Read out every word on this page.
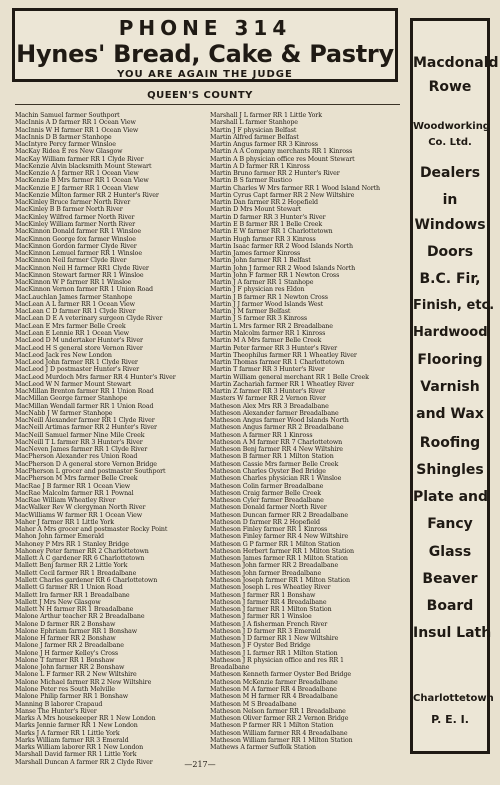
PHONE 314
Hynes' Bread, Cake & Pastry
YOU ARE AGAIN THE JUDGE
QUEEN'S COUNTY
Machin Samuel farmer Southport
MacInnis A D farmer RR 1 Ocean View
MacInnis W H farmer RR 1 Ocean View
MacInnis D B farmer Stanhope
MacIntyre Percy farmer Winsloe
MacKay Ridea E res New Glasgow
MacKay William farmer RR 1 Clyde River
MacKenzie Alvin blacksmith Mount Stewart
MacKenzie A J farmer RR 1 Ocean View
MacKenzie B Mrs farmer RR 1 Ocean View
MacKenzie E J farmer RR 1 Ocean View
MacKenzie Milton farmer RR 2 Hunter's River
MacKinley Bruce farmer North River
MacKinley B B farmer North River
MacKinley Wilfred farmer North River
MacKinley William farmer North River
MacKinnon Donald farmer RR 1 Winsloe
MacKinnon George fox farmer Winsloe
MacKinnon Gordon farmer Clyde River
MacKinnon Lemuel farmer RR 1 Winsloe
MacKinnon Neil farmer Clyde River
MacKinnon Neil H farmer RR1 Clyde River
MacKinnon Stewart farmer RR 1 Winsloe
MacKinnon W P farmer RR 1 Winsloe
MacKinnon Vernon farmer RR 1 Union Road
MacLauchlan James farmer Stanhope
MacLean A L farmer RR 1 Ocean View
MacLean C D farmer RR 1 Clyde River
MacLean D E A veterinary surgeon Clyde River
MacLean E Mrs farmer Belle Creek
MacLean E Lennie RR 1 Ocean View
MacLeod D M undertaker Hunter's River
MacLeod H S general store Vernon River
MacLeod Jack res New London
MacLeod John farmer RR 1 Clyde River
MacLeod J D postmaster Hunter's River
MacLeod Murdoch Mrs farmer RR 4 Hunter's River
MacLeod W N farmer Mount Stewart
MacMillan Brenton farmer RR 1 Union Road
MacMillan George farmer Stanhope
MacMillan Wendall farmer RR 1 Union Road
MacNabb J W farmer Stanhope
MacNeill Alexander farmer RR 1 Clyde River
MacNeill Artimas farmer RR 2 Hunter's River
MacNeill Samuel farmer Nine Mile Creek
MacNeill T L farmer RR 3 Hunter's River
MacNeven James farmer RR 1 Clyde River
MacPherson Alexander res Union Road
MacPherson D A general store Vernon Bridge
MacPherson L grocer and postmaster Southport
MacPherson M Mrs farmer Belle Creek
MacRae J B farmer RR 1 Ocean View
MacRae Malcolm farmer RR 1 Pownal
MacRae William Wheatley River
MacWalker Rev W clergyman North River
MacWilliams W farmer RR 1 Ocean View
Maher J farmer RR 1 Little York
Maher A Mrs grocer and postmaster Rocky Point
Mahon John farmer Emerald
Mahoney P Mrs RR 1 Stanley Bridge
Mahoney Peter farmer RR 2 Charlottetown
Mallett A C gardener RR 6 Charlottetown
Mallett Benj farmer RR 2 Little York
Mallett Cecil farmer RR 1 Breadalbane
Mallett Charles gardener RR 6 Charlottetown
Mallett G farmer RR 1 Union Road
Mallett Ira farmer RR 1 Breadalbane
Mallett J Mrs New Glasgow
Mallett N H farmer RR 1 Breadalbane
Malone Arthur teacher RR 2 Breadalbane
Malone D farmer RR 2 Bonshaw
Malone Ephriam farmer RR 1 Bonshaw
Malone H farmer RR 2 Bonshaw
Malone J farmer RR 2 Breadalbane
Malone J H farmer Kelley's Cross
Malone T farmer RR 1 Bonshaw
Malone John farmer RR 2 Bonshaw
Malone L F farmer RR 2 New Wiltshire
Malone Michael farmer RR 2 New Wiltshire
Malone Peter res South Melville
Malone Philip farmer RR 1 Bonshaw
Manning B laborer Crapaud
Manse The Hunter's River
Marks A Mrs housekeeper RR 1 New London
Marks Jennie farmer RR 1 New London
Marks J A farmer RR 1 Little York
Marks William farmer RR 3 Emerald
Marks William laborer RR 1 New London
Marshall David farmer RR 1 Little York
Marshall Duncan A farmer RR 2 Clyde River
Marshall J L farmer RR 1 Little York
Marshall L farmer Stanhope
Martin J F physician Belfast
Martin Alfred farmer Belfast
Martin Angus farmer RR 3 Kinross
Martin A A Company merchants RR 1 Kinross
Martin A B physician office res Mount Stewart
Martin A D farmer RR 1 Kinross
Martin Bruno farmer RR 2 Hunter's River
Martin B S farmer Rustico
Martin Charles W Mrs farmer RR 1 Wood Island North
Martin Cyrus Capt farmer RR 2 New Wiltshire
Martin Dan farmer RR 2 Hopefield
Martin D Mrs Mount Stewart
Martin D farmer RR 3 Hunter's River
Martin E B farmer RR 1 Belle Creek
Martin E W farmer RR 1 Charlottetown
Martin Hugh farmer RR 3 Kinross
Martin Isaac farmer RR 2 Wood Islands North
Martin James farmer Kinross
Martin John farmer RR 1 Belfast
Martin John J farmer RR 2 Wood Islands North
Martin John F farmer RR 1 Newton Cross
Martin J A farmer RR 1 Stanhope
Martin J F physician res Eldon
Martin J B farmer RR 1 Newton Cross
Martin J J farmer Wood Islands West
Martin J M farmer Belfast
Martin J S farmer RR 3 Kinross
Martin L Mrs farmer RR 2 Breadalbane
Martin Malcolm farmer RR 1 Kinross
Martin M A Mrs farmer Belle Creek
Martin Peter farmer RR 3 Hunter's River
Martin Theophilus farmer RR 1 Wheatley River
Martin Thomas farmer RR 1 Charlottetown
Martin T farmer RR 3 Hunter's River
Martin William general merchant RR 1 Belle Creek
Martin Zachariah farmer RR 1 Wheatley River
Martin Z farmer RR 3 Hunter's River
Masters W farmer RR 2 Vernon River
Matheson Alex Mrs RR 3 Breadalbane
Matheson Alexander farmer Breadalbane
Matheson Angus farmer Wood Islands North
Matheson Angus farmer RR 2 Breadalbane
Matheson A farmer RR 1 Kinross
Matheson A M farmer RR 7 Charlottetown
Matheson Benj farmer RR 4 New Wiltshire
Matheson B farmer RR 1 Milton Station
Matheson Cassie Mrs farmer Belle Creek
Matheson Charles Oyster Bed Bridge
Matheson Charles physician RR 1 Winsloe
Matheson Colin farmer Breadalbane
Matheson Craig farmer Belle Creek
Matheson Cyler farmer Breadalbane
Matheson Donald farmer North River
Matheson Duncan farmer RR 2 Breadalbane
Matheson D farmer RR 2 Hopefield
Matheson Finley farmer RR 1 Kinross
Matheson Finley farmer RR 4 New Wiltshire
Matheson G P farmer RR 1 Milton Station
Matheson Herbert farmer RR 1 Milton Station
Matheson James farmer RR 1 Milton Station
Matheson John farmer RR 2 Breadalbane
Matheson John farmer Breadalbane
Matheson Joseph farmer RR 1 Milton Station
Matheson Joseph L res Wheatley River
Matheson J farmer RR 1 Bonshaw
Matheson J farmer RR 4 Breadalbane
Matheson J farmer RR 1 Milton Station
Matheson J farmer RR 1 Winsloe
Matheson J A fisherman French River
Matheson J D farmer RR 3 Emerald
Matheson J D farmer RR 1 New Wiltshire
Matheson J F Oyster Bed Bridge
Matheson J L farmer RR 1 Milton Station
Matheson J R physician office and res RR 1
Breadalbane
Matheson Kenneth farmer Oyster Bed Bridge
Matheson McKenzie farmer Breadalbane
Matheson M A farmer RR 4 Breadalbane
Matheson M H farmer RR 4 Breadalbane
Matheson M S Breadalbane
Matheson Nelson farmer RR 1 Breadalbane
Matheson Oliver farmer RR 2 Vernon Bridge
Matheson P farmer RR 1 Milton Station
Matheson William farmer RR 4 Breadalbane
Matheson William farmer RR 1 Milton Station
Mathews A farmer Suffolk Station
Macdonald
Rowe
Woodworking
Co. Ltd.
Dealers
in
Windows
Doors
B.C. Fir,
Finish, etc.
Hardwood
Flooring
Varnish
and Wax
Roofing
Shingles
Plate and
Fancy
Glass
Beaver
Board
Insul Lath
Charlottetown
P. E. I.
—217—
